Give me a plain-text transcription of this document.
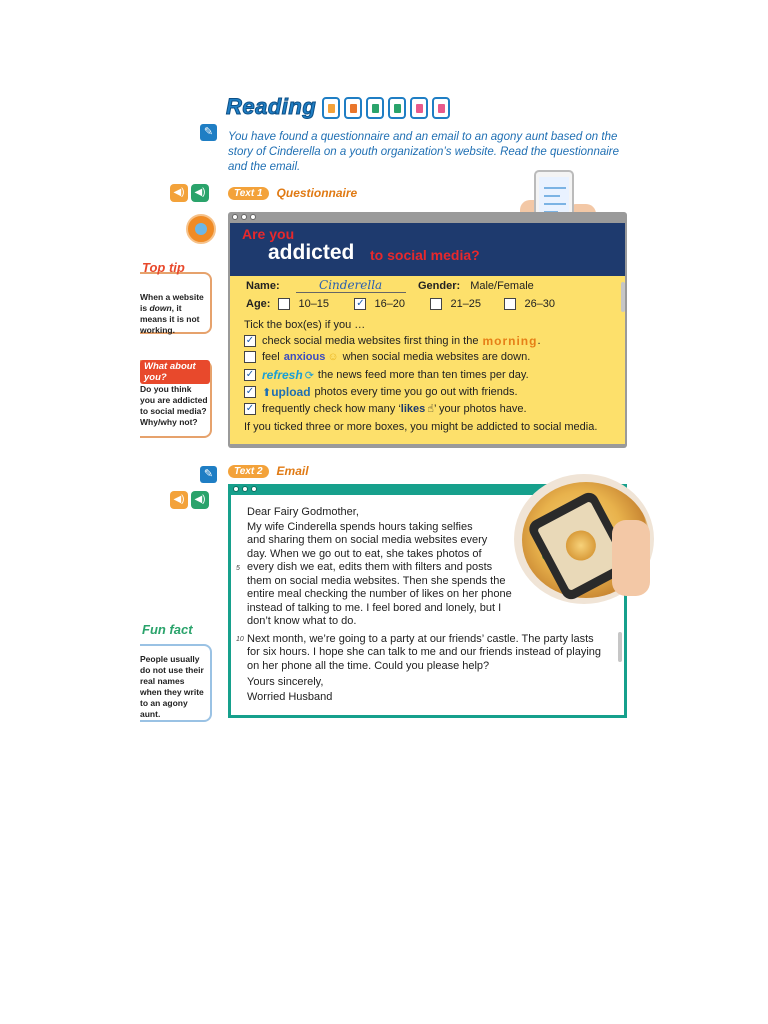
Reading
✎	You have found a questionnaire and an email to an agony aunt based on the story of Cinderella on a youth organization’s website. Read the questionnaire and the email.
◀) ◀)	Text 1	Questionnaire
Are you
addicted to social media?
Name:	Cinderella	Gender: Male/Female
Age:	10–15	✓ 16–20	21–25	26–30
Tick the box(es) if you …
✓ check social media websites first thing in the morning .
feel anxious ☺ when social media websites are down.
✓ refresh ⟳ the news feed more than ten times per day.
✓ ⬆ upload photos every time you go out with friends.
✓ frequently check how many ‘ likes ☝ ’ your photos have.
If you ticked three or more boxes, you might be addicted to social media.
Top tip
When a website is down, it means it is not working.
What about you?
Do you think you are addicted to social media? Why/why not?
✎	Text 2	Email
◀) ◀)
Dear Fairy Godmother,
My wife Cinderella spends hours taking selfies
and sharing them on social media websites every
day. When we go out to eat, she takes photos of
every dish we eat, edits them with filters and posts
them on social media websites. Then she spends the
entire meal checking the number of likes on her phone
instead of talking to me. I feel bored and lonely, but I
don’t know what to do.
Next month, we’re going to a party at our friends’ castle. The party lasts
for six hours. I hope she can talk to me and our friends instead of playing
on her phone all the time. Could you please help?
Yours sincerely,
Worried Husband
5
10
Fun fact
People usually do not use their real names when they write to an agony aunt.
